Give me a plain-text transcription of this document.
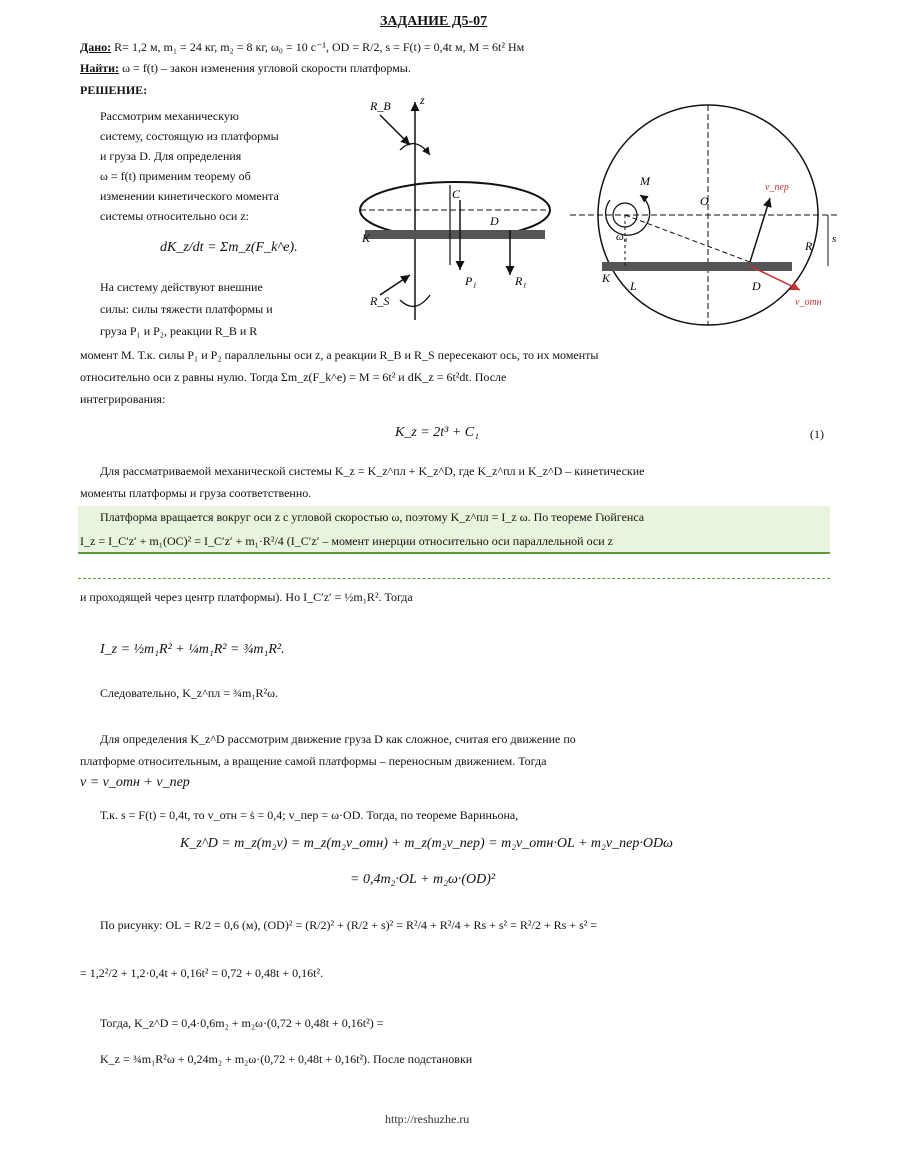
ЗАДАНИЕ Д5-07
Дано: R= 1,2 м, m₁ = 24 кг, m₂ = 8 кг, ω₀ = 10 c⁻¹, OD = R/2, s = F(t) = 0,4t м, M = 6t² Нм
Найти: ω = f(t) – закон изменения угловой скорости платформы.
РЕШЕНИЕ:
Рассмотрим механическую
систему, состоящую из платформы
и груза D. Для определения
ω = f(t) применим теорему об
изменении кинетического момента
системы относительно оси z:
dK_z/dt = Σm_z(F_k^e).
На систему действуют внешние
силы: силы тяжести платформы и
груза P₁ и P₂, реакции R_B и R
момент M. Т.к. силы P₁ и P₂ параллельны оси z, а реакции R_B и R_S пересекают ось, то их моменты
относительно оси z равны нулю. Тогда Σm_z(F_k^e) = M = 6t² и dK_z = 6t²dt. После
интегрирования:
R_B
R_S
P₁	R₁
z
C
D
K
M
O
ω₀
D
L
K
R s
v_пер
v_отн
K_z = 2t³ + C₁	(1)
Для рассматриваемой механической системы K_z = K_z^пл + K_z^D, где K_z^пл и K_z^D – кинетические
моменты платформы и груза соответственно.
Платформа вращается вокруг оси z с угловой скоростью ω, поэтому K_z^пл = I_z ω. По теореме Гюйгенса
I_z = I_C′z′ + m₁(OC)² = I_C′z′ + m₁·R²/4 (I_C′z′ – момент инерции относительно оси параллельной оси z
и проходящей через центр платформы). Но I_C′z′ = ½m₁R². Тогда
I_z = ½m₁R² + ¼m₁R² = ¾m₁R².
Следовательно, K_z^пл = ¾m₁R²ω.
Для определения K_z^D рассмотрим движение груза D как сложное, считая его движение по
платформе относительным, а вращение самой платформы – переносным движением. Тогда
v = v_отн + v_пер
Т.к. s = F(t) = 0,4t, то v_отн = ṡ = 0,4; v_пер = ω·OD. Тогда, по теореме Вариньона,
K_z^D = m_z(m₂v) = m_z(m₂v_отн) + m_z(m₂v_пер) = m₂v_отн·OL + m₂v_пер·ODω
= 0,4m₂·OL + m₂ω·(OD)²
По рисунку: OL = R/2 = 0,6 (м), (OD)² = (R/2)² + (R/2 + s)² = R²/4 + R²/4 + Rs + s² = R²/2 + Rs + s² =
= 1,2²/2 + 1,2·0,4t + 0,16t² = 0,72 + 0,48t + 0,16t².
Тогда, K_z^D = 0,4·0,6m₂ + m₂ω·(0,72 + 0,48t + 0,16t²) =
K_z = ¾m₁R²ω + 0,24m₂ + m₂ω·(0,72 + 0,48t + 0,16t²). После подстановки
http://reshuzhe.ru
